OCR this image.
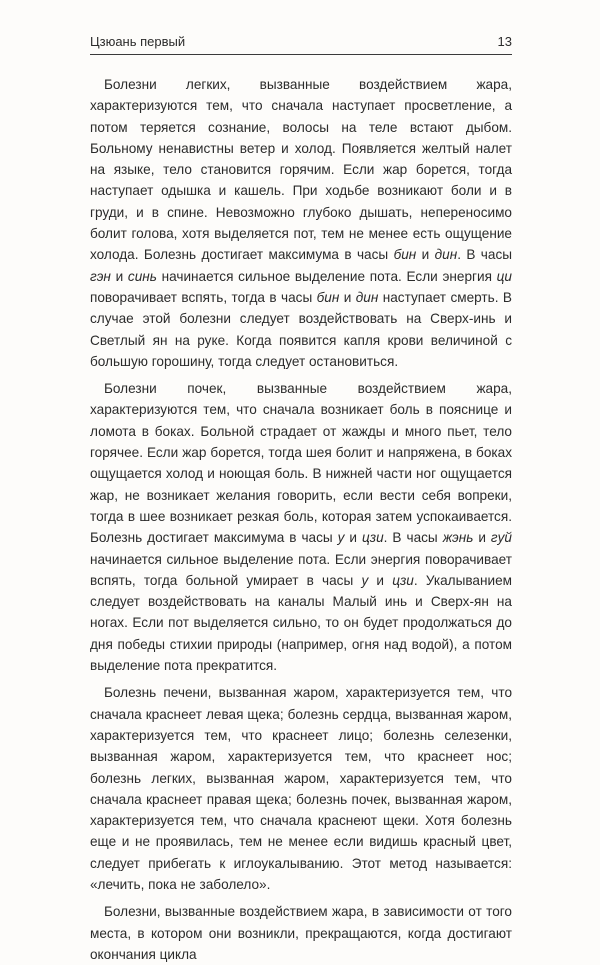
Цзюань первый	13

Болезни легких, вызванные воздействием жара, характеризуются тем, что сначала наступает просветление, а потом теряется сознание, волосы на теле встают дыбом. Больному ненавистны ветер и холод. Появляется желтый налет на языке, тело становится горячим. Если жар борется, тогда наступает одышка и кашель. При ходьбе возникают боли и в груди, и в спине. Невозможно глубоко дышать, непереносимо болит голова, хотя выделяется пот, тем не менее есть ощущение холода. Болезнь достигает максимума в часы бин и дин. В часы гэн и синь начинается сильное выделение пота. Если энергия ци поворачивает вспять, тогда в часы бин и дин наступает смерть. В случае этой болезни следует воздействовать на Сверх-инь и Светлый ян на руке. Когда появится капля крови величиной с большую горошину, тогда следует остановиться.

Болезни почек, вызванные воздействием жара, характеризуются тем, что сначала возникает боль в пояснице и ломота в боках. Больной страдает от жажды и много пьет, тело горячее. Если жар борется, тогда шея болит и напряжена, в боках ощущается холод и ноющая боль. В нижней части ног ощущается жар, не возникает желания говорить, если вести себя вопреки, тогда в шее возникает резкая боль, которая затем успокаивается. Болезнь достигает максимума в часы у и цзи. В часы жэнь и гуй начинается сильное выделение пота. Если энергия поворачивает вспять, тогда больной умирает в часы у и цзи. Укалыванием следует воздействовать на каналы Малый инь и Сверх-ян на ногах. Если пот выделяется сильно, то он будет продолжаться до дня победы стихии природы (например, огня над водой), а потом выделение пота прекратится.

Болезнь печени, вызванная жаром, характеризуется тем, что сначала краснеет левая щека; болезнь сердца, вызванная жаром, характеризуется тем, что краснеет лицо; болезнь селезенки, вызванная жаром, характеризуется тем, что краснеет нос; болезнь легких, вызванная жаром, характеризуется тем, что сначала краснеет правая щека; болезнь почек, вызванная жаром, характеризуется тем, что сначала краснеют щеки. Хотя болезнь еще и не проявилась, тем не менее если видишь красный цвет, следует прибегать к иглоукалыванию. Этот метод называется: «лечить, пока не заболело».

Болезни, вызванные воздействием жара, в зависимости от того места, в котором они возникли, прекращаются, когда достигают окончания цикла
